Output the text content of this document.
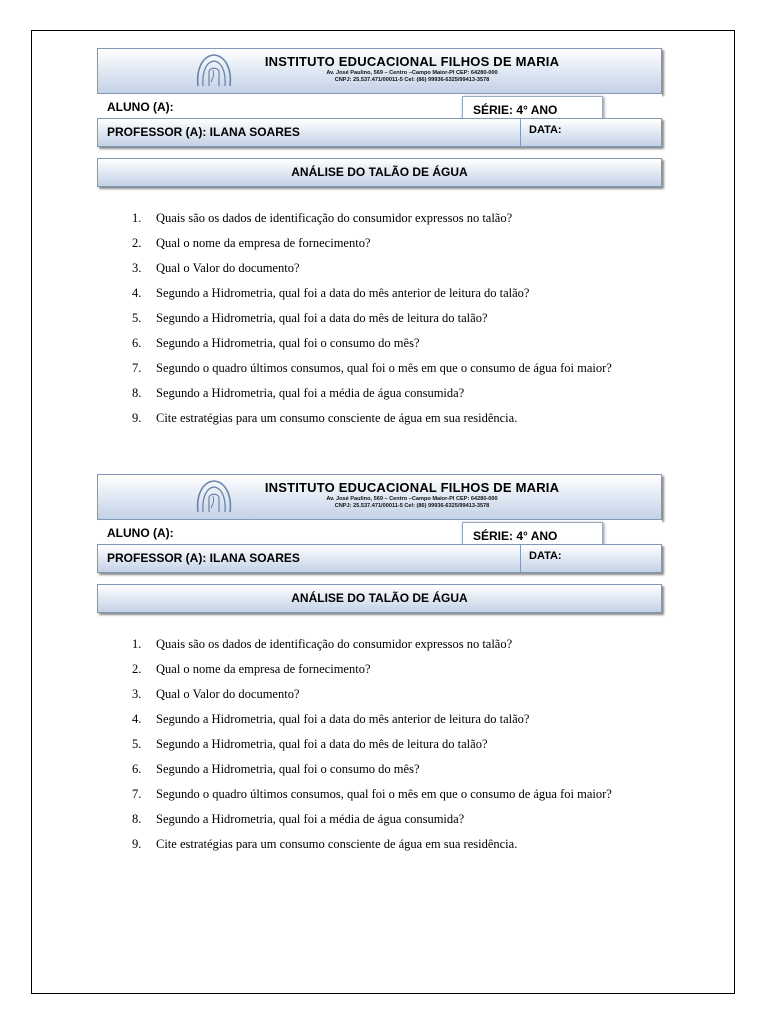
INSTITUTO EDUCACIONAL FILHOS DE MARIA
Av. José Paulino, 569 – Centro –Campo Maior-PI CEP: 64280-000
CNPJ: 25.537.471/00011-5 Cel: (86) 99936-6325/99413-3578
ALUNO (A):	SÉRIE: 4° ANO
PROFESSOR (A): ILANA SOARES	DATA:
ANÁLISE DO TALÃO DE ÁGUA
1. Quais são os dados de identificação do consumidor expressos no talão?
2. Qual o nome da empresa de fornecimento?
3. Qual o Valor do documento?
4. Segundo a Hidrometria, qual foi a data do mês anterior de leitura do talão?
5. Segundo a Hidrometria, qual foi a data do mês de leitura do talão?
6. Segundo a Hidrometria, qual foi o consumo do mês?
7. Segundo o quadro últimos consumos, qual foi o mês em que o consumo de água foi maior?
8. Segundo a Hidrometria, qual foi a média de água consumida?
9. Cite estratégias para um consumo consciente de água em sua residência.
INSTITUTO EDUCACIONAL FILHOS DE MARIA
Av. José Paulino, 569 – Centro –Campo Maior-PI CEP: 64280-000
CNPJ: 25.537.471/00011-5 Cel: (86) 99936-6325/99413-3578
ALUNO (A):	SÉRIE: 4° ANO
PROFESSOR (A): ILANA SOARES	DATA:
ANÁLISE DO TALÃO DE ÁGUA
1. Quais são os dados de identificação do consumidor expressos no talão?
2. Qual o nome da empresa de fornecimento?
3. Qual o Valor do documento?
4. Segundo a Hidrometria, qual foi a data do mês anterior de leitura do talão?
5. Segundo a Hidrometria, qual foi a data do mês de leitura do talão?
6. Segundo a Hidrometria, qual foi o consumo do mês?
7. Segundo o quadro últimos consumos, qual foi o mês em que o consumo de água foi maior?
8. Segundo a Hidrometria, qual foi a média de água consumida?
9. Cite estratégias para um consumo consciente de água em sua residência.
